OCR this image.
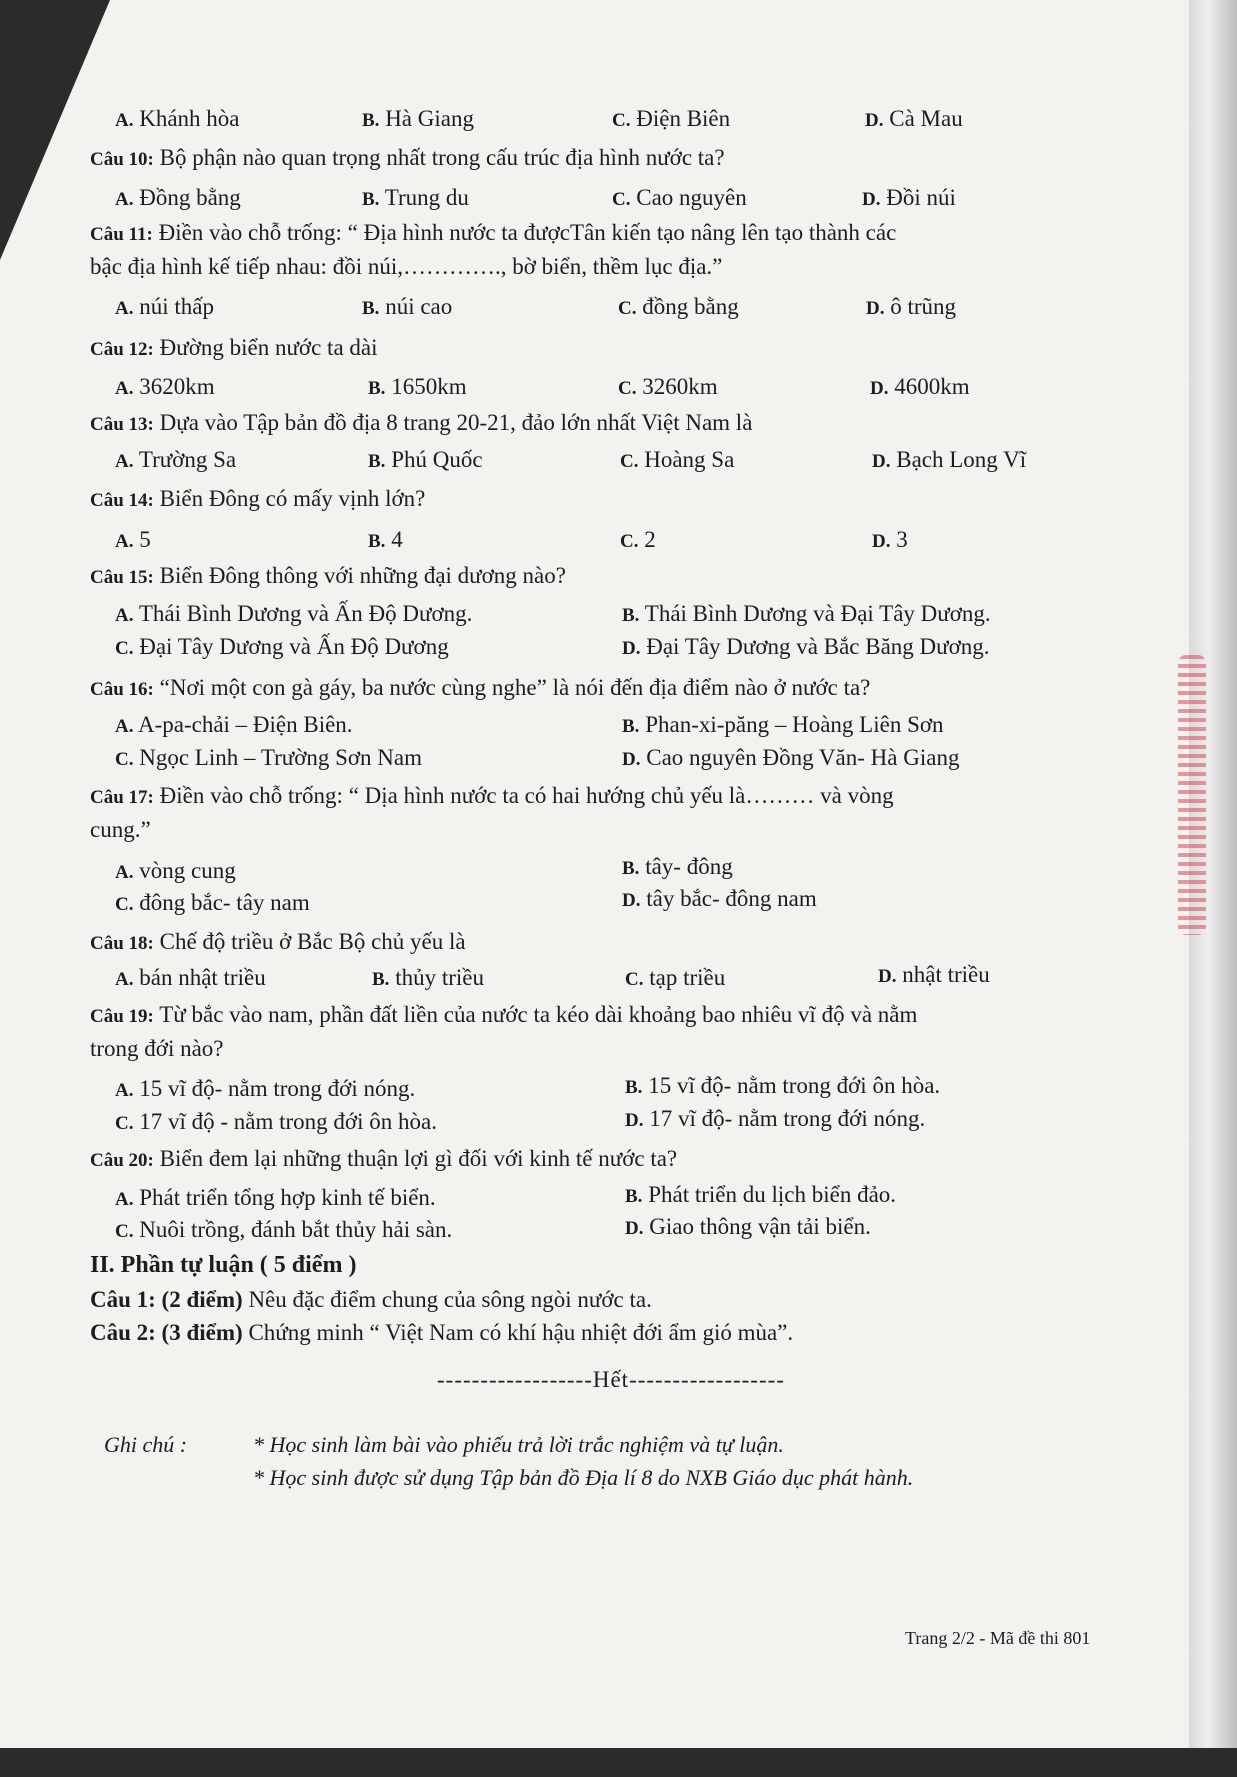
A. Khánh hòa	B. Hà Giang	C. Điện Biên	D. Cà Mau
Câu 10: Bộ phận nào quan trọng nhất trong cấu trúc địa hình nước ta?
A. Đồng bằng	B. Trung du	C. Cao nguyên	D. Đồi núi
Câu 11: Điền vào chỗ trống: “ Địa hình nước ta đượcTân kiến tạo nâng lên tạo thành các
bậc địa hình kế tiếp nhau: đồi núi,…………., bờ biển, thềm lục địa.”
A. núi thấp	B. núi cao	C. đồng bằng	D. ô trũng
Câu 12: Đường biển nước ta dài
A. 3620km	B. 1650km	C. 3260km	D. 4600km
Câu 13: Dựa vào Tập bản đồ địa 8 trang 20-21, đảo lớn nhất Việt Nam là
A. Trường Sa	B. Phú Quốc	C. Hoàng Sa	D. Bạch Long Vĩ
Câu 14: Biển Đông có mấy vịnh lớn?
A. 5	B. 4	C. 2	D. 3
Câu 15: Biển Đông thông với những đại dương nào?
A. Thái Bình Dương và Ấn Độ Dương.	B. Thái Bình Dương và Đại Tây Dương.
C. Đại Tây Dương và Ấn Độ Dương	D. Đại Tây Dương và Bắc Băng Dương.
Câu 16: “Nơi một con gà gáy, ba nước cùng nghe” là nói đến địa điểm nào ở nước ta?
A. A-pa-chải – Điện Biên.	B. Phan-xi-păng – Hoàng Liên Sơn
C. Ngọc Linh – Trường Sơn Nam	D. Cao nguyên Đồng Văn- Hà Giang
Câu 17: Điền vào chỗ trống: “ Dịa hình nước ta có hai hướng chủ yếu là……… và vòng
cung.”
A. vòng cung	B. tây- đông
C. đông bắc- tây nam	D. tây bắc- đông nam
Câu 18: Chế độ triều ở Bắc Bộ chủ yếu là
A. bán nhật triều	B. thủy triều	C. tạp triều	D. nhật triều
Câu 19: Từ bắc vào nam, phần đất liền của nước ta kéo dài khoảng bao nhiêu vĩ độ và nằm
trong đới nào?
A. 15 vĩ độ- nằm trong đới nóng.	B. 15 vĩ độ- nằm trong đới ôn hòa.
C. 17 vĩ độ - nằm trong đới ôn hòa.	D. 17 vĩ độ- nằm trong đới nóng.
Câu 20: Biển đem lại những thuận lợi gì đối với kinh tế nước ta?
A. Phát triển tổng hợp kinh tế biển.	B. Phát triển du lịch biển đảo.
C. Nuôi trồng, đánh bắt thủy hải sàn.	D. Giao thông vận tải biển.
II. Phần tự luận ( 5 điểm )
Câu 1: (2 điểm) Nêu đặc điểm chung của sông ngòi nước ta.
Câu 2: (3 điểm) Chứng minh “ Việt Nam có khí hậu nhiệt đới ẩm gió mùa”.
------------------Hết------------------
Ghi chú :	* Học sinh làm bài vào phiếu trả lời trắc nghiệm và tự luận.
* Học sinh được sử dụng Tập bản đồ Địa lí 8 do NXB Giáo dục phát hành.
Trang 2/2 - Mã đề thi 801
